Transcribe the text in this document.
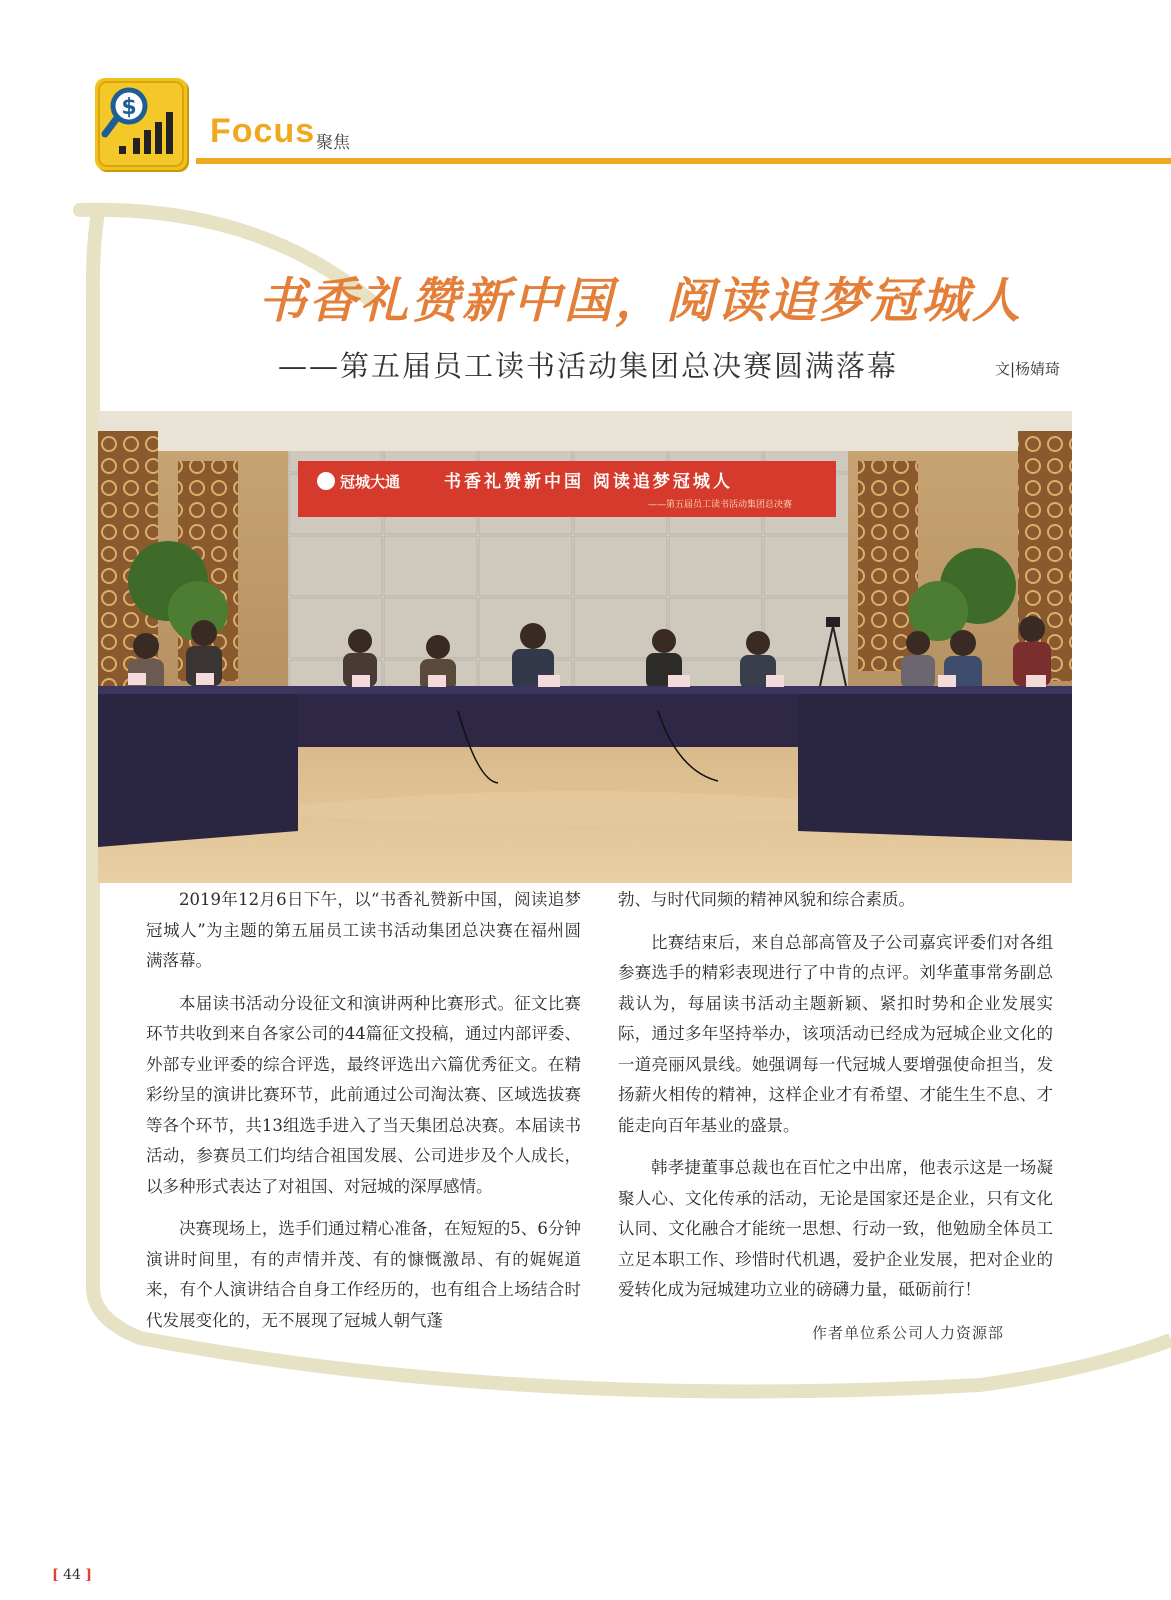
$
Focus 聚焦
书香礼赞新中国，阅读追梦冠城人
——第五届员工读书活动集团总决赛圆满落幕	文|杨婧琦
冠城大通	书香礼赞新中国 阅读追梦冠城人
——第五届员工读书活动集团总决赛

2019年12月6日下午，以“书香礼赞新中国，阅读追梦冠城人”为主题的第五届员工读书活动集团总决赛在福州圆满落幕。

本届读书活动分设征文和演讲两种比赛形式。征文比赛环节共收到来自各家公司的44篇征文投稿，通过内部评委、外部专业评委的综合评选，最终评选出六篇优秀征文。在精彩纷呈的演讲比赛环节，此前通过公司淘汰赛、区域选拔赛等各个环节，共13组选手进入了当天集团总决赛。本届读书活动，参赛员工们均结合祖国发展、公司进步及个人成长，以多种形式表达了对祖国、对冠城的深厚感情。

决赛现场上，选手们通过精心准备，在短短的5、6分钟演讲时间里，有的声情并茂、有的慷慨激昂、有的娓娓道来，有个人演讲结合自身工作经历的，也有组合上场结合时代发展变化的，无不展现了冠城人朝气蓬

勃、与时代同频的精神风貌和综合素质。

比赛结束后，来自总部高管及子公司嘉宾评委们对各组参赛选手的精彩表现进行了中肯的点评。刘华董事常务副总裁认为，每届读书活动主题新颖、紧扣时势和企业发展实际，通过多年坚持举办，该项活动已经成为冠城企业文化的一道亮丽风景线。她强调每一代冠城人要增强使命担当，发扬薪火相传的精神，这样企业才有希望、才能生生不息、才能走向百年基业的盛景。

韩孝捷董事总裁也在百忙之中出席，他表示这是一场凝聚人心、文化传承的活动，无论是国家还是企业，只有文化认同、文化融合才能统一思想、行动一致，他勉励全体员工立足本职工作、珍惜时代机遇，爱护企业发展，把对企业的爱转化成为冠城建功立业的磅礴力量，砥砺前行！

作者单位系公司人力资源部
[ 44 ]
